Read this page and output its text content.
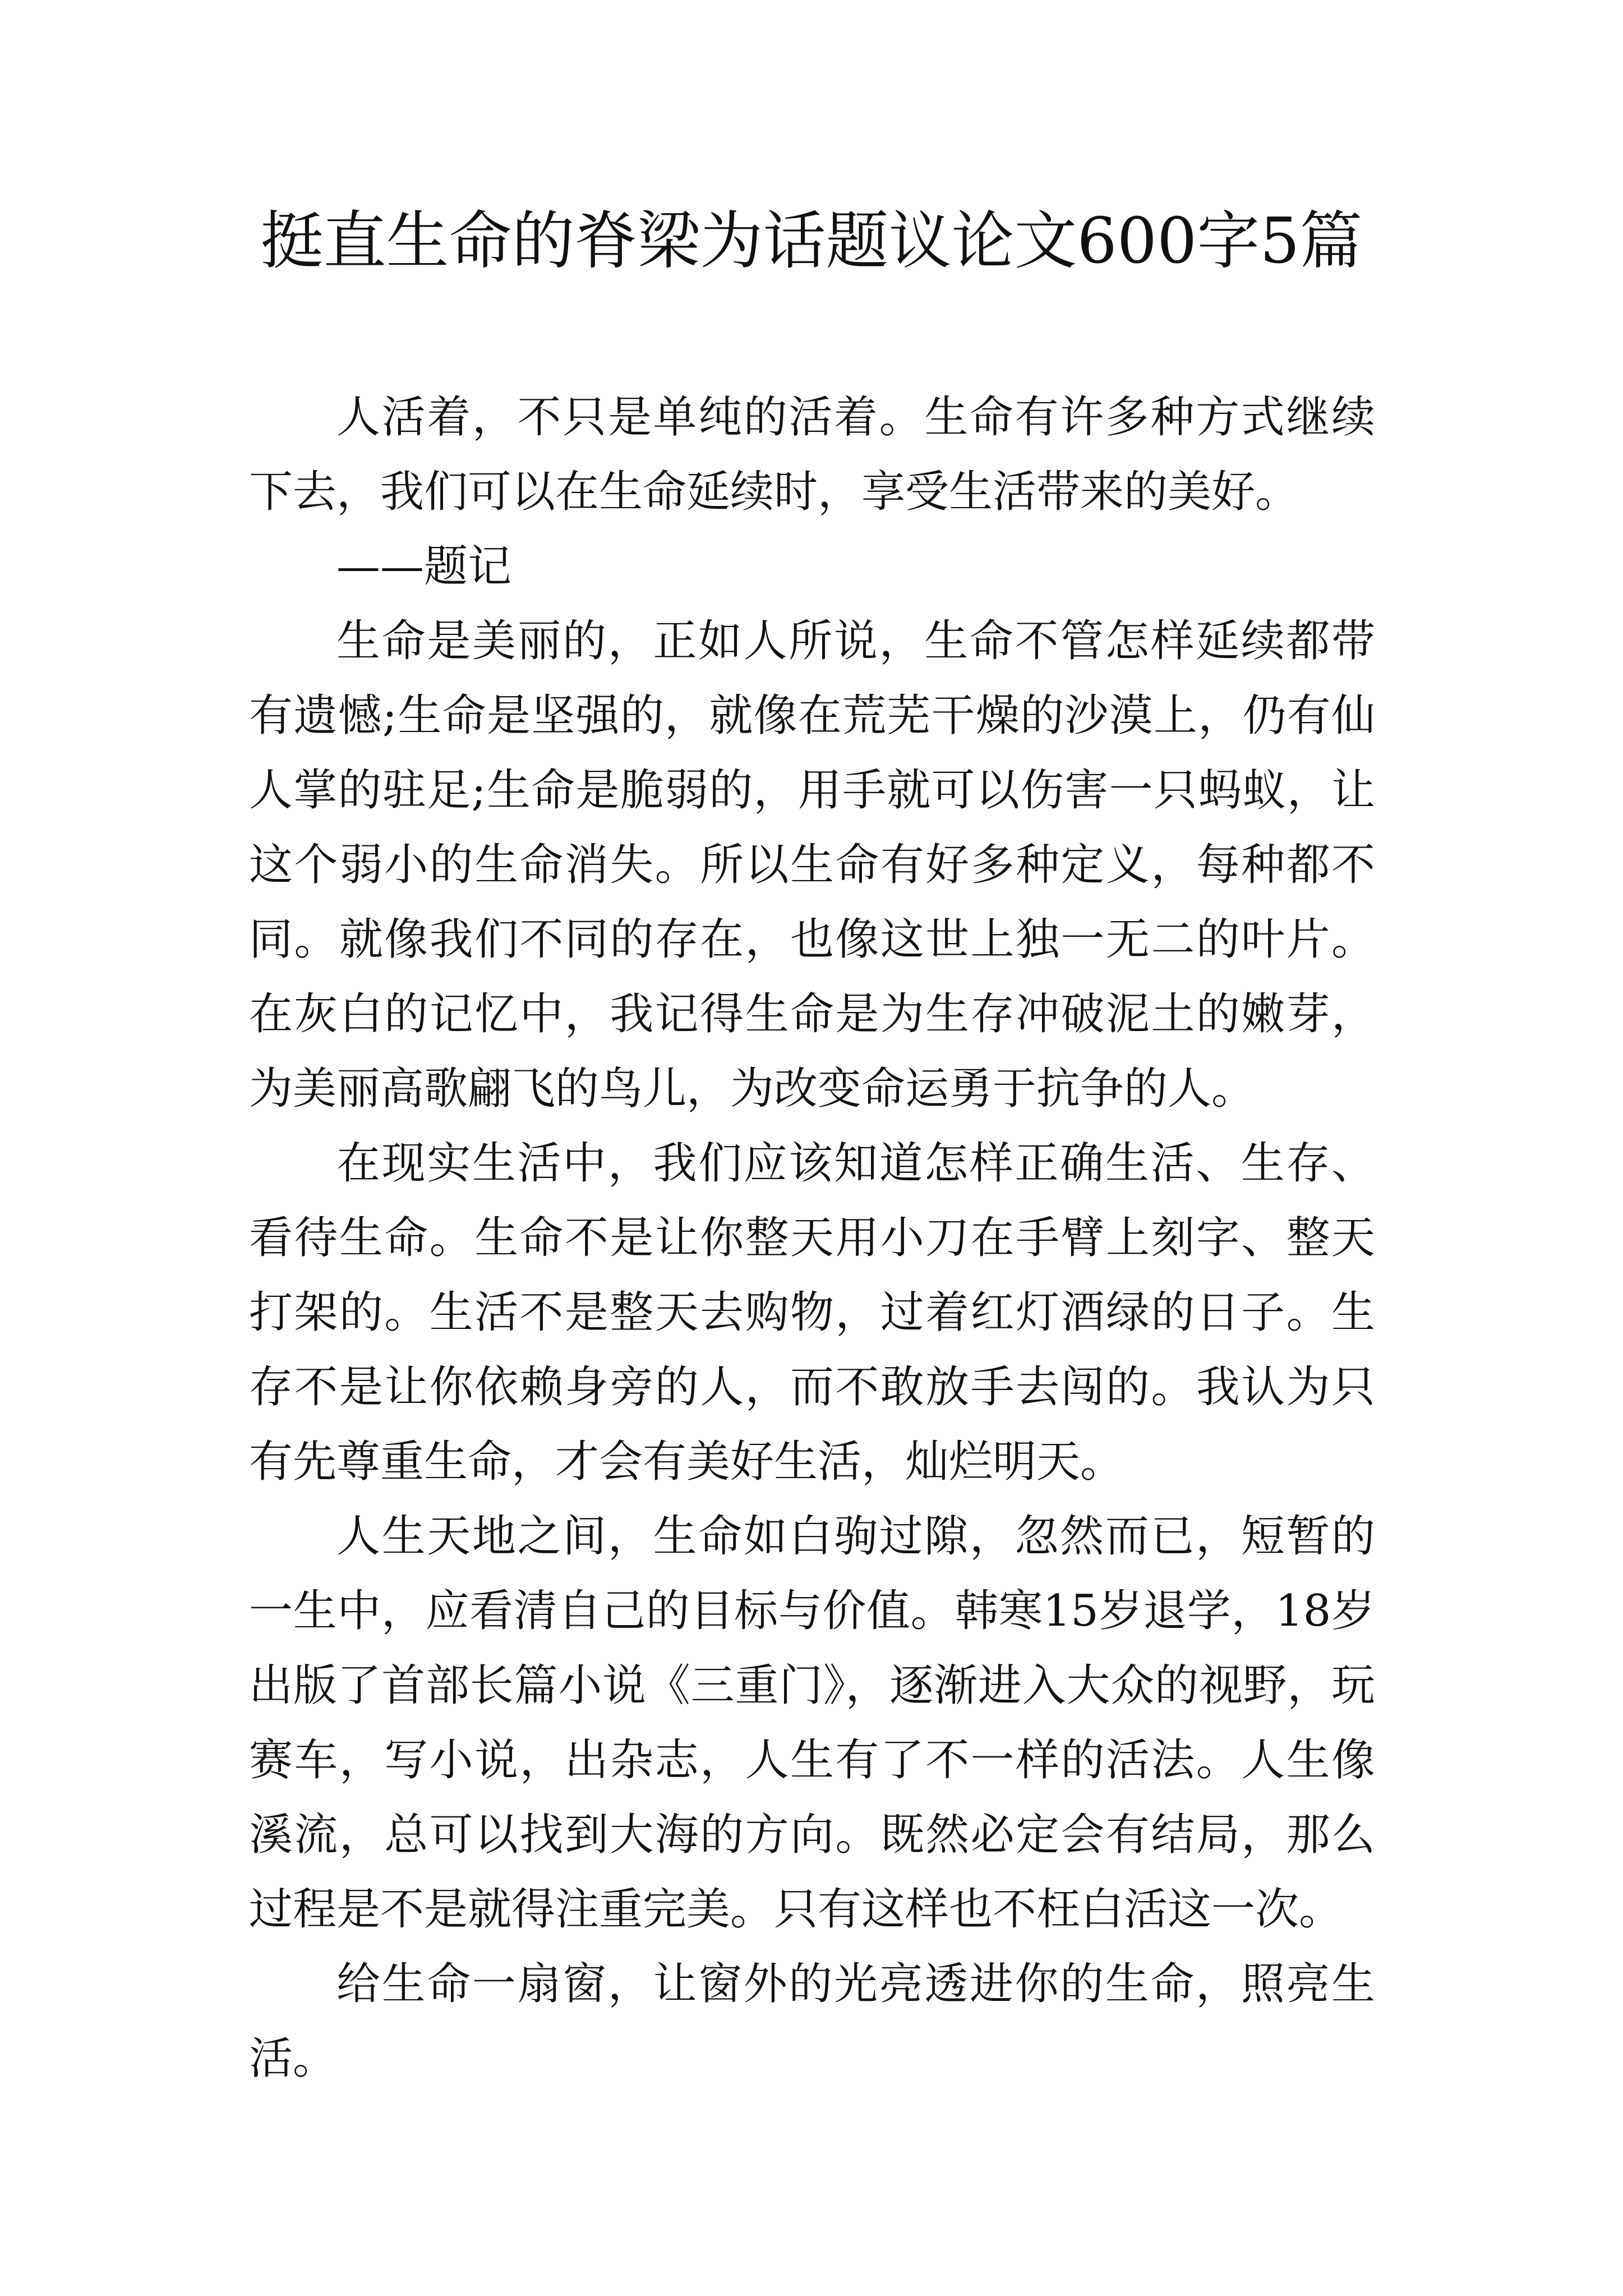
挺直生命的脊梁为话题议论文600字5篇

人活着，不只是单纯的活着。生命有许多种方式继续下去，我们可以在生命延续时，享受生活带来的美好。

——题记

生命是美丽的，正如人所说，生命不管怎样延续都带有遗憾;生命是坚强的，就像在荒芜干燥的沙漠上，仍有仙人掌的驻足;生命是脆弱的，用手就可以伤害一只蚂蚁，让这个弱小的生命消失。所以生命有好多种定义，每种都不同。就像我们不同的存在，也像这世上独一无二的叶片。在灰白的记忆中，我记得生命是为生存冲破泥土的嫩芽，为美丽高歌翩飞的鸟儿，为改变命运勇于抗争的人。

在现实生活中，我们应该知道怎样正确生活、生存、看待生命。生命不是让你整天用小刀在手臂上刻字、整天打架的。生活不是整天去购物，过着红灯酒绿的日子。生存不是让你依赖身旁的人，而不敢放手去闯的。我认为只有先尊重生命，才会有美好生活，灿烂明天。

人生天地之间，生命如白驹过隙，忽然而已，短暂的一生中，应看清自己的目标与价值。韩寒15岁退学，18岁出版了首部长篇小说《三重门》，逐渐进入大众的视野，玩赛车，写小说，出杂志，人生有了不一样的活法。人生像溪流，总可以找到大海的方向。既然必定会有结局，那么过程是不是就得注重完美。只有这样也不枉白活这一次。

给生命一扇窗，让窗外的光亮透进你的生命，照亮生活。
